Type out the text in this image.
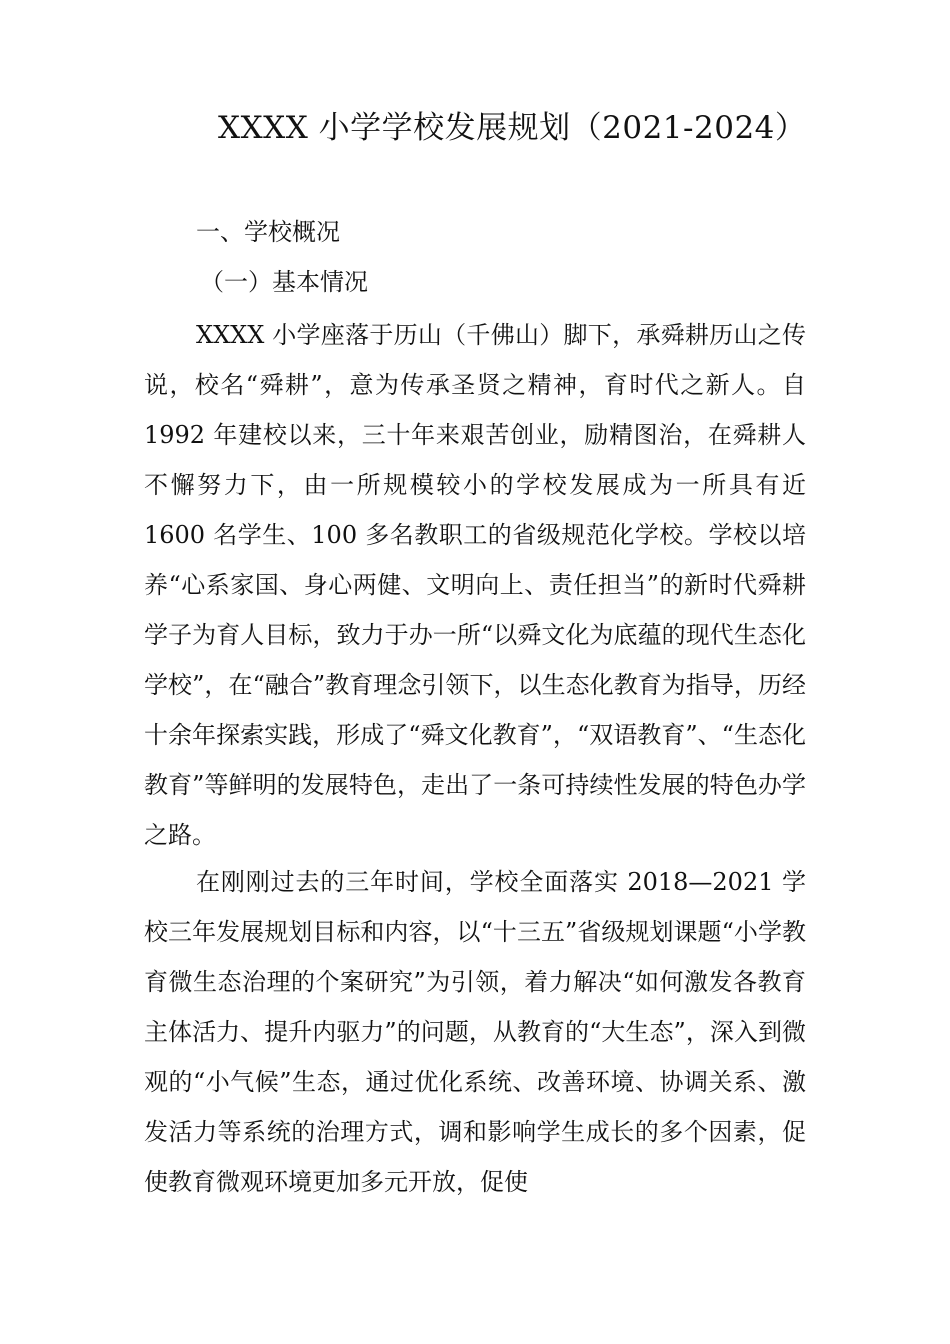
XXXX 小学学校发展规划（2021-2024）
一、学校概况
（一）基本情况

XXXX 小学座落于历山（千佛山）脚下，承舜耕历山之传说，校名“舜耕”，意为传承圣贤之精神，育时代之新人。自 1992 年建校以来，三十年来艰苦创业，励精图治，在舜耕人不懈努力下，由一所规模较小的学校发展成为一所具有近 1600 名学生、100 多名教职工的省级规范化学校。学校以培养“心系家国、身心两健、文明向上、责任担当”的新时代舜耕学子为育人目标，致力于办一所“以舜文化为底蕴的现代生态化学校”，在“融合”教育理念引领下，以生态化教育为指导，历经十余年探索实践，形成了“舜文化教育”，“双语教育”、“生态化教育”等鲜明的发展特色，走出了一条可持续性发展的特色办学之路。

在刚刚过去的三年时间，学校全面落实 2018—2021 学校三年发展规划目标和内容，以“十三五”省级规划课题“小学教育微生态治理的个案研究”为引领，着力解决“如何激发各教育主体活力、提升内驱力”的问题，从教育的“大生态”，深入到微观的“小气候”生态，通过优化系统、改善环境、协调关系、激发活力等系统的治理方式，调和影响学生成长的多个因素，促使教育微观环境更加多元开放，促使
